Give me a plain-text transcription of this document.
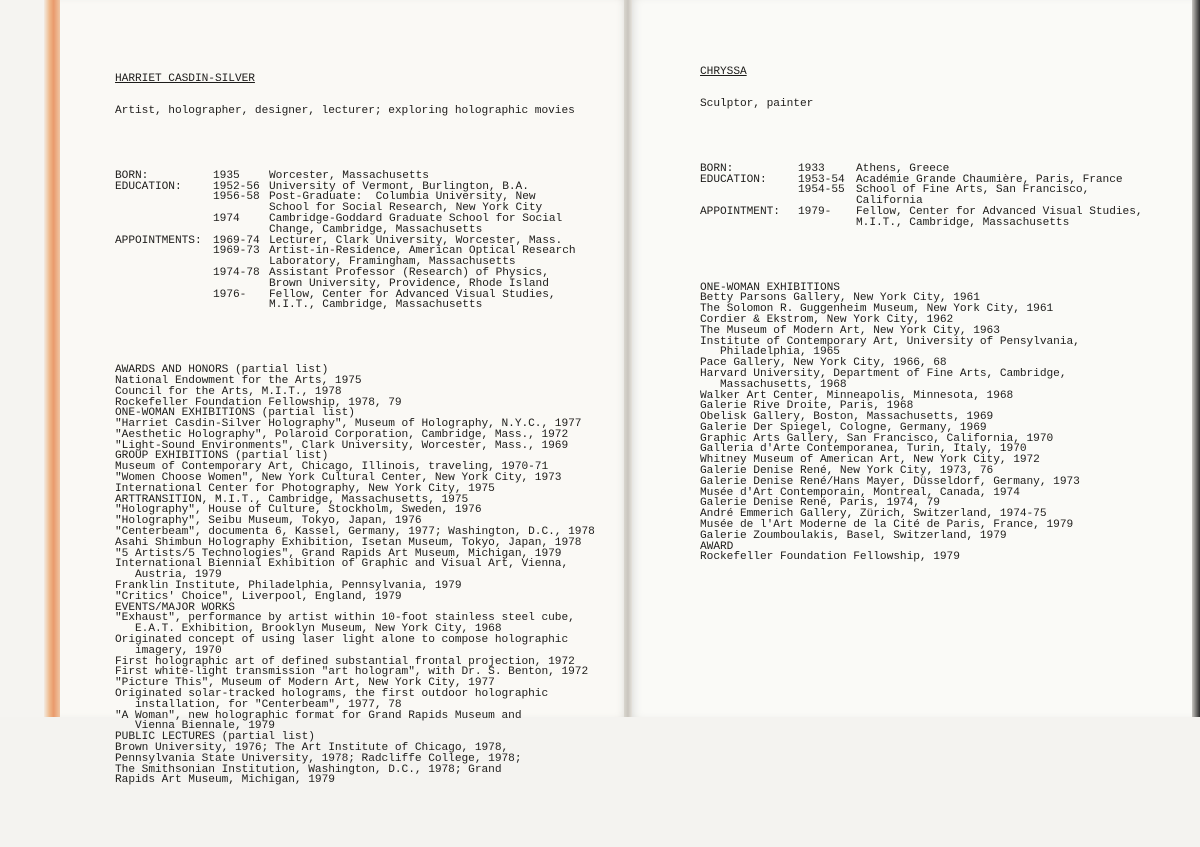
HARRIET CASDIN-SILVER

Artist, holographer, designer, lecturer; exploring holographic movies

BORN:	1935	Worcester, Massachusetts
EDUCATION:	1952-56 University of Vermont, Burlington, B.A.
1956-58 Post-Graduate:  Columbia University, New
School for Social Research, New York City
1974	Cambridge-Goddard Graduate School for Social
Change, Cambridge, Massachusetts
APPOINTMENTS:	1969-74 Lecturer, Clark University, Worcester, Mass.
1969-73 Artist-in-Residence, American Optical Research
Laboratory, Framingham, Massachusetts
1974-78 Assistant Professor (Research) of Physics,
Brown University, Providence, Rhode Island
1976-	Fellow, Center for Advanced Visual Studies,
M.I.T., Cambridge, Massachusetts

AWARDS AND HONORS (partial list)
National Endowment for the Arts, 1975
Council for the Arts, M.I.T., 1978
Rockefeller Foundation Fellowship, 1978, 79
ONE-WOMAN EXHIBITIONS (partial list)
"Harriet Casdin-Silver Holography", Museum of Holography, N.Y.C., 1977
"Aesthetic Holography", Polaroid Corporation, Cambridge, Mass., 1972
"Light-Sound Environments", Clark University, Worcester, Mass., 1969
GROUP EXHIBITIONS (partial list)
Museum of Contemporary Art, Chicago, Illinois, traveling, 1970-71
"Women Choose Women", New York Cultural Center, New York City, 1973
International Center for Photography, New York City, 1975
ARTTRANSITION, M.I.T., Cambridge, Massachusetts, 1975
"Holography", House of Culture, Stockholm, Sweden, 1976
"Holography", Seibu Museum, Tokyo, Japan, 1976
"Centerbeam", documenta 6, Kassel, Germany, 1977; Washington, D.C., 1978
Asahi Shimbun Holography Exhibition, Isetan Museum, Tokyo, Japan, 1978
"5 Artists/5 Technologies", Grand Rapids Art Museum, Michigan, 1979
International Biennial Exhibition of Graphic and Visual Art, Vienna,
Austria, 1979
Franklin Institute, Philadelphia, Pennsylvania, 1979
"Critics' Choice", Liverpool, England, 1979
EVENTS/MAJOR WORKS
"Exhaust", performance by artist within 10-foot stainless steel cube,
E.A.T. Exhibition, Brooklyn Museum, New York City, 1968
Originated concept of using laser light alone to compose holographic
imagery, 1970
First holographic art of defined substantial frontal projection, 1972
First white-light transmission "art hologram", with Dr. S. Benton, 1972
"Picture This", Museum of Modern Art, New York City, 1977
Originated solar-tracked holograms, the first outdoor holographic
installation, for "Centerbeam", 1977, 78
"A Woman", new holographic format for Grand Rapids Museum and
Vienna Biennale, 1979
PUBLIC LECTURES (partial list)
Brown University, 1976; The Art Institute of Chicago, 1978,
Pennsylvania State University, 1978; Radcliffe College, 1978;
The Smithsonian Institution, Washington, D.C., 1978; Grand
Rapids Art Museum, Michigan, 1979

CHRYSSA

Sculptor, painter

BORN:	1933	Athens, Greece
EDUCATION:	1953-54	Académie Grande Chaumière, Paris, France
1954-55	School of Fine Arts, San Francisco,
California
APPOINTMENT:	1979-	Fellow, Center for Advanced Visual Studies,
M.I.T., Cambridge, Massachusetts

ONE-WOMAN EXHIBITIONS
Betty Parsons Gallery, New York City, 1961
The Solomon R. Guggenheim Museum, New York City, 1961
Cordier & Ekstrom, New York City, 1962
The Museum of Modern Art, New York City, 1963
Institute of Contemporary Art, University of Pensylvania,
Philadelphia, 1965
Pace Gallery, New York City, 1966, 68
Harvard University, Department of Fine Arts, Cambridge,
Massachusetts, 1968
Walker Art Center, Minneapolis, Minnesota, 1968
Galerie Rive Droite, Paris, 1968
Obelisk Gallery, Boston, Massachusetts, 1969
Galerie Der Spiegel, Cologne, Germany, 1969
Graphic Arts Gallery, San Francisco, California, 1970
Galleria d'Arte Contemporanea, Turin, Italy, 1970
Whitney Museum of American Art, New York City, 1972
Galerie Denise René, New York City, 1973, 76
Galerie Denise René/Hans Mayer, Düsseldorf, Germany, 1973
Musée d'Art Contemporain, Montreal, Canada, 1974
Galerie Denise René, Paris, 1974, 79
André Emmerich Gallery, Zürich, Switzerland, 1974-75
Musée de l'Art Moderne de la Cité de Paris, France, 1979
Galerie Zoumboulakis, Basel, Switzerland, 1979
AWARD
Rockefeller Foundation Fellowship, 1979
